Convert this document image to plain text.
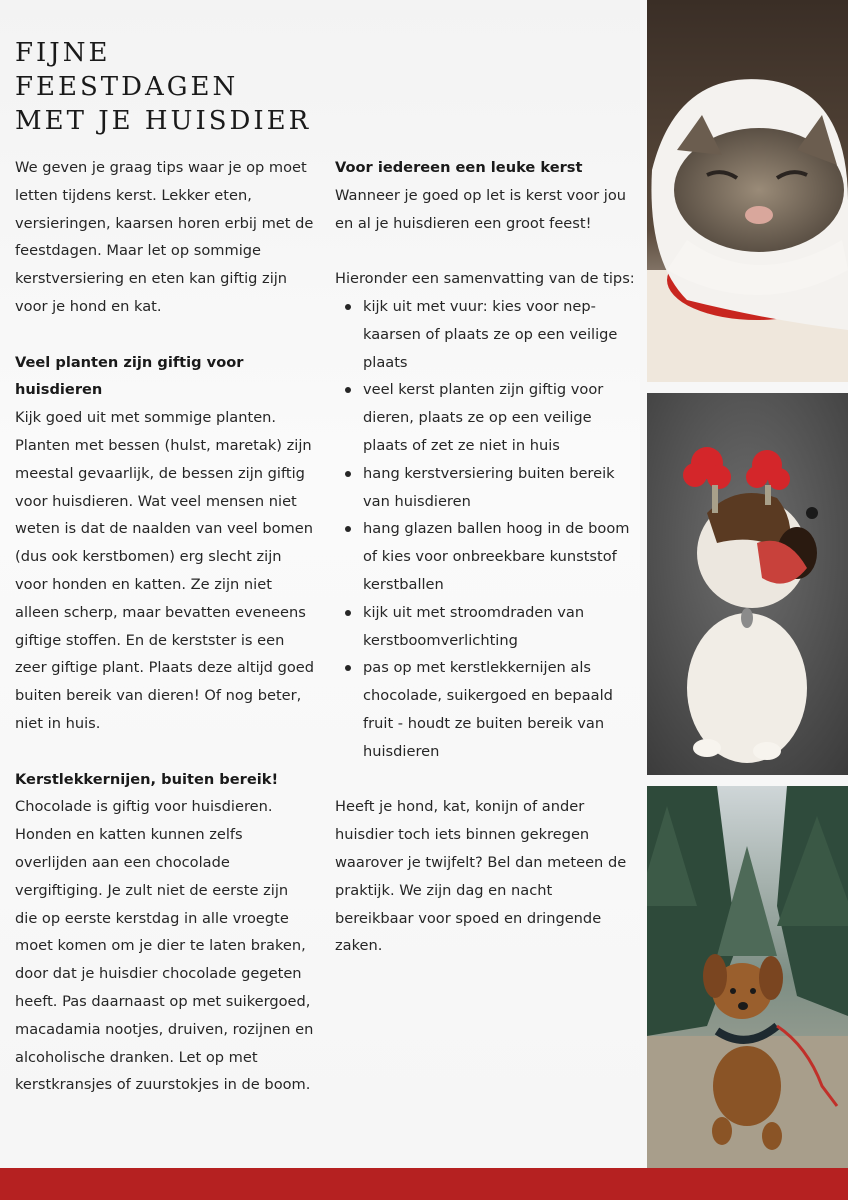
FIJNE
FEESTDAGEN
MET JE HUISDIER

We geven je graag tips waar je op moet letten tijdens kerst. Lekker eten, versieringen, kaarsen horen erbij met de feestdagen. Maar let op sommige kerstversiering en eten kan giftig zijn voor je hond en kat.

Veel planten zijn giftig voor huisdieren

Kijk goed uit met sommige planten. Planten met bessen (hulst, maretak) zijn meestal gevaarlijk, de bessen zijn giftig voor huisdieren. Wat veel mensen niet weten is dat de naalden van veel bomen (dus ook kerstbomen) erg slecht zijn voor honden en katten. Ze zijn niet alleen scherp, maar bevatten eveneens giftige stoffen. En de kerstster is een zeer giftige plant. Plaats deze altijd goed buiten bereik van dieren! Of nog beter, niet in huis.

Kerstlekkernijen, buiten bereik!

Chocolade is giftig voor huisdieren. Honden en katten kunnen zelfs overlijden aan een chocolade vergiftiging. Je zult niet de eerste zijn die op eerste kerstdag in alle vroegte moet komen om je dier te laten braken, door dat je huisdier chocolade gegeten heeft. Pas daarnaast op met suikergoed, macadamia nootjes, druiven, rozijnen en alcoholische dranken. Let op met kerstkransjes of zuurstokjes in de boom.

Voor iedereen een leuke kerst

Wanneer je goed op let is kerst voor jou en al je huisdieren een groot feest!

Hieronder een samenvatting van de tips:

kijk uit met vuur: kies voor nep-kaarsen of plaats ze op een veilige plaats
veel kerst planten zijn giftig voor dieren, plaats ze op een veilige plaats of zet ze niet in huis
hang kerstversiering buiten bereik van huisdieren
hang glazen ballen hoog in de boom of kies voor onbreekbare kunststof kerstballen
kijk uit met stroomdraden van kerstboomverlichting
pas op met kerstlekkernijen als chocolade, suikergoed en bepaald fruit - houdt ze buiten bereik van huisdieren

Heeft je hond, kat, konijn of ander huisdier toch iets binnen gekregen waarover je twijfelt? Bel dan meteen de praktijk. We zijn dag en nacht bereikbaar voor spoed en dringende zaken.
